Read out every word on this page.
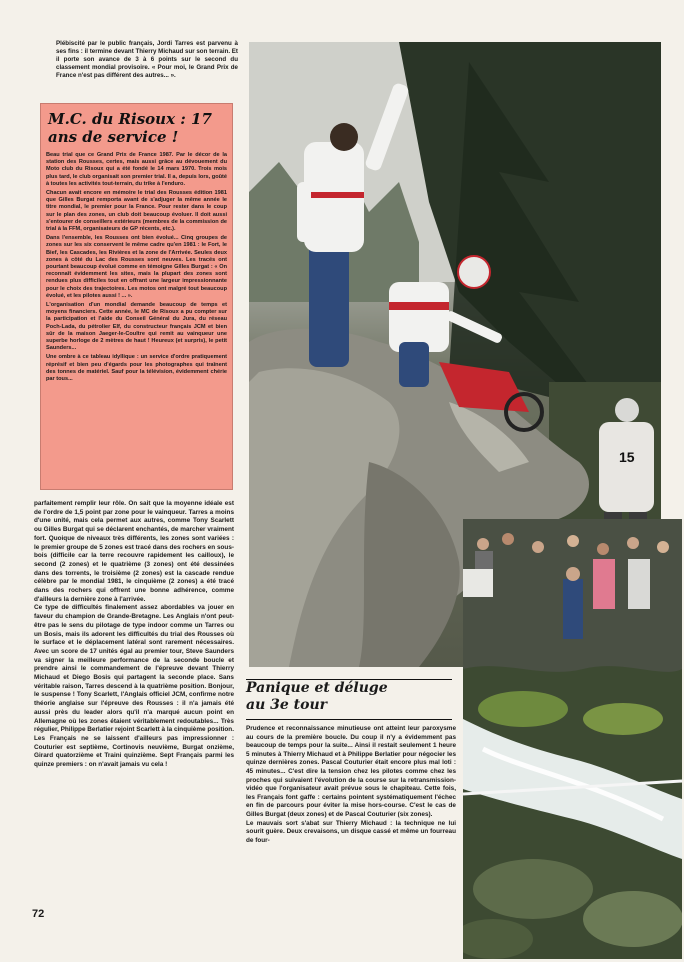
Plébiscité par le public français, Jordi Tarres est parvenu à ses fins : il termine devant Thierry Michaud sur son terrain. Et il porte son avance de 3 à 6 points sur le second du classement mondial provisoire. « Pour moi, le Grand Prix de France n'est pas différent des autres... ».
M.C. du Risoux : 17 ans de service !

Beau trial que ce Grand Prix de France 1987. Par le décor de la station des Rousses, certes, mais aussi grâce au dévouement du Moto club du Risoux qui a été fondé le 14 mars 1970. Trois mois plus tard, le club organisait son premier trial. Il a, depuis lors, goûté à toutes les activités tout-terrain, du trike à l'enduro.

Chacun avait encore en mémoire le trial des Rousses édition 1981 que Gilles Burgat remporta avant de s'adjuger la même année le titre mondial, le premier pour la France. Pour rester dans le coup sur le plan des zones, un club doit beaucoup évoluer. Il doit aussi s'entourer de conseillers extérieurs (membres de la commission de trial à la FFM, organisateurs de GP récents, etc.).

Dans l'ensemble, les Rousses ont bien évolué... Cinq groupes de zones sur les six conservent le même cadre qu'en 1981 : le Fort, le Bief, les Cascades, les Rivières et la zone de l'Arrivée. Seules deux zones à côté du Lac des Rousses sont neuves. Les tracés ont pourtant beaucoup évolué comme en témoigne Gilles Burgat : « On reconnaît évidemment les sites, mais la plupart des zones sont rendues plus difficiles tout en offrant une largeur impressionnante pour le choix des trajectoires. Les motos ont malgré tout beaucoup évolué, et les pilotes aussi ! ... ».

L'organisation d'un mondial demande beaucoup de temps et moyens financiers. Cette année, le MC de Risoux a pu compter sur la participation et l'aide du Conseil Général du Jura, du réseau Poch-Lada, du pétrolier Elf, du constructeur français JCM et bien sûr de la maison Jaeger-le-Coultre qui remit au vainqueur une superbe horloge de 2 mètres de haut ! Heureux (et surpris), le petit Saunders...

Une ombre à ce tableau idyllique : un service d'ordre pratiquement réprésif et bien peu d'égards pour les photographes qui traînent des tonnes de matériel. Sauf pour la télévision, évidemment chérie par tous...

parfaitement remplir leur rôle. On sait que la moyenne idéale est de l'ordre de 1,5 point par zone pour le vainqueur. Tarres a moins d'une unité, mais cela permet aux autres, comme Tony Scarlett ou Gilles Burgat qui se déclarent enchantés, de marcher vraiment fort. Quoique de niveaux très différents, les zones sont variées : le premier groupe de 5 zones est tracé dans des rochers en sous-bois (difficile car la terre recouvre rapidement les cailloux), le second (2 zones) et le quatrième (3 zones) ont été dessinées dans des torrents, le troisième (2 zones) est la cascade rendue célèbre par le mondial 1981, le cinquième (2 zones) a été tracé dans des rochers qui offrent une bonne adhérence, comme d'ailleurs la dernière zone à l'arrivée.

Ce type de difficultés finalement assez abordables va jouer en faveur du champion de Grande-Bretagne. Les Anglais n'ont peut-être pas le sens du pilotage de type indoor comme un Tarres ou un Bosis, mais ils adorent les difficultés du trial des Rousses où le surface et le déplacement latéral sont rarement nécessaires. Avec un score de 17 unités égal au premier tour, Steve Saunders va signer la meilleure performance de la seconde boucle et prendre ainsi le commandement de l'épreuve devant Thierry Michaud et Diego Bosis qui partagent la seconde place. Sans véritable raison, Tarres descend à la quatrième position. Bonjour, le suspense ! Tony Scarlett, l'Anglais officiel JCM, confirme notre théorie anglaise sur l'épreuve des Rousses : il n'a jamais été aussi près du leader alors qu'il n'a marqué aucun point en Allemagne où les zones étaient véritablement redoutables... Très régulier, Philippe Berlatier rejoint Scarlett à la cinquième position. Les Français ne se laissent d'ailleurs pas impressionner : Couturier est septième, Cortinovis neuvième, Burgat onzième, Girard quatorzième et Traini quinzième. Sept Français parmi les quinze premiers : on n'avait jamais vu cela !

72
15
Panique et déluge
au 3e tour

Prudence et reconnaissance minutieuse ont atteint leur paroxysme au cours de la première boucle. Du coup il n'y a évidemment pas beaucoup de temps pour la suite... Ainsi il restait seulement 1 heure 5 minutes à Thierry Michaud et à Philippe Berlatier pour négocier les quinze dernières zones. Pascal Couturier était encore plus mal loti : 45 minutes... C'est dire la tension chez les pilotes comme chez les proches qui suivaient l'évolution de la course sur la retransmission-vidéo que l'organisateur avait prévue sous le chapiteau. Cette fois, les Français font gaffe : certains pointent systématiquement l'échec en fin de parcours pour éviter la mise hors-course. C'est le cas de Gilles Burgat (deux zones) et de Pascal Couturier (six zones).

Le mauvais sort s'abat sur Thierry Michaud : la technique ne lui sourit guère. Deux crevaisons, un disque cassé et même un fourreau de four-
